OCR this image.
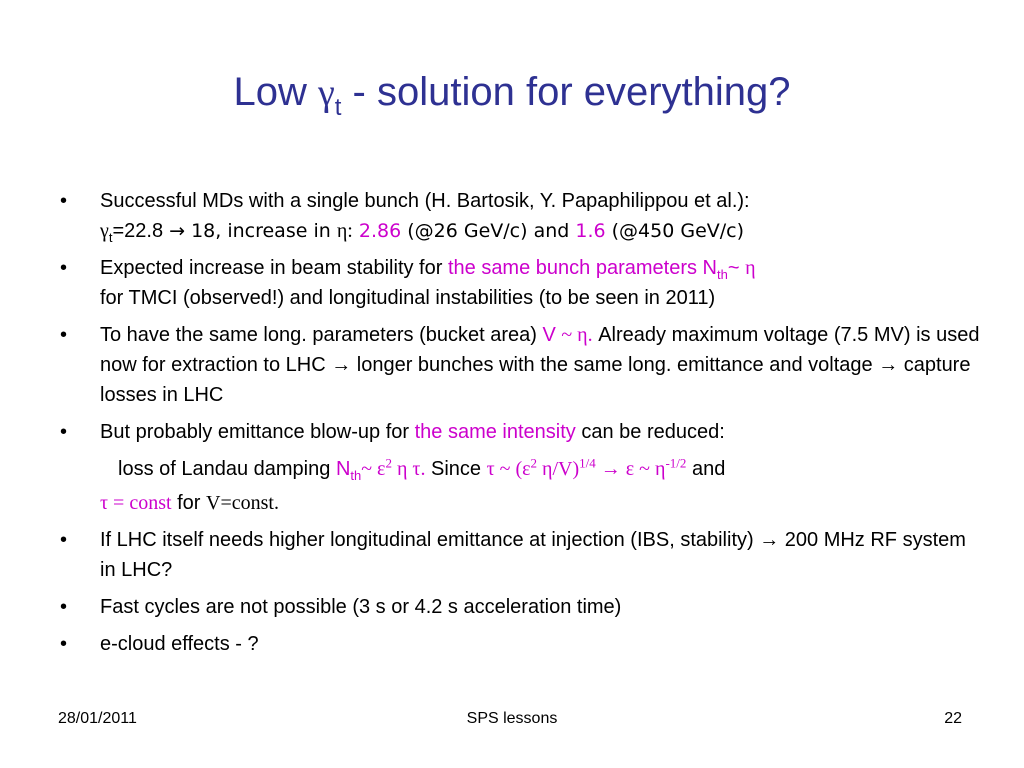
Low $\gamma_t$ - solution for everything?
• Successful MDs with a single bunch (H. Bartosik, Y. Papaphilippou et al.):
$\gamma_t=22.8 \to 18$, increase in η: 2.86 (@26 GeV/c) and 1.6 (@450 GeV/c)
• Expected increase in beam stability for the same bunch parameters $N_{th}\sim$ η
for TMCI (observed!) and longitudinal instabilities (to be seen in 2011)
• To have the same long. parameters (bucket area) V ~ η. Already maximum voltage (7.5 MV) is used now for extraction to LHC → longer bunches with the same long. emittance and voltage → capture losses in LHC
• But probably emittance blow-up for the same intensity can be reduced:
loss of Landau damping $N_{th}\sim$ $\varepsilon^2$ η τ. Since τ ~ ($\varepsilon^2$ η/V)$^{1/4}$ → ε ~ $\eta^{-1/2}$ and
τ = const for V=const.
• If LHC itself needs higher longitudinal emittance at injection (IBS, stability) → 200 MHz RF system in LHC?
• Fast cycles are not possible (3 s or 4.2 s acceleration time)
• e-cloud effects - ?
28/01/2011	SPS lessons	22
